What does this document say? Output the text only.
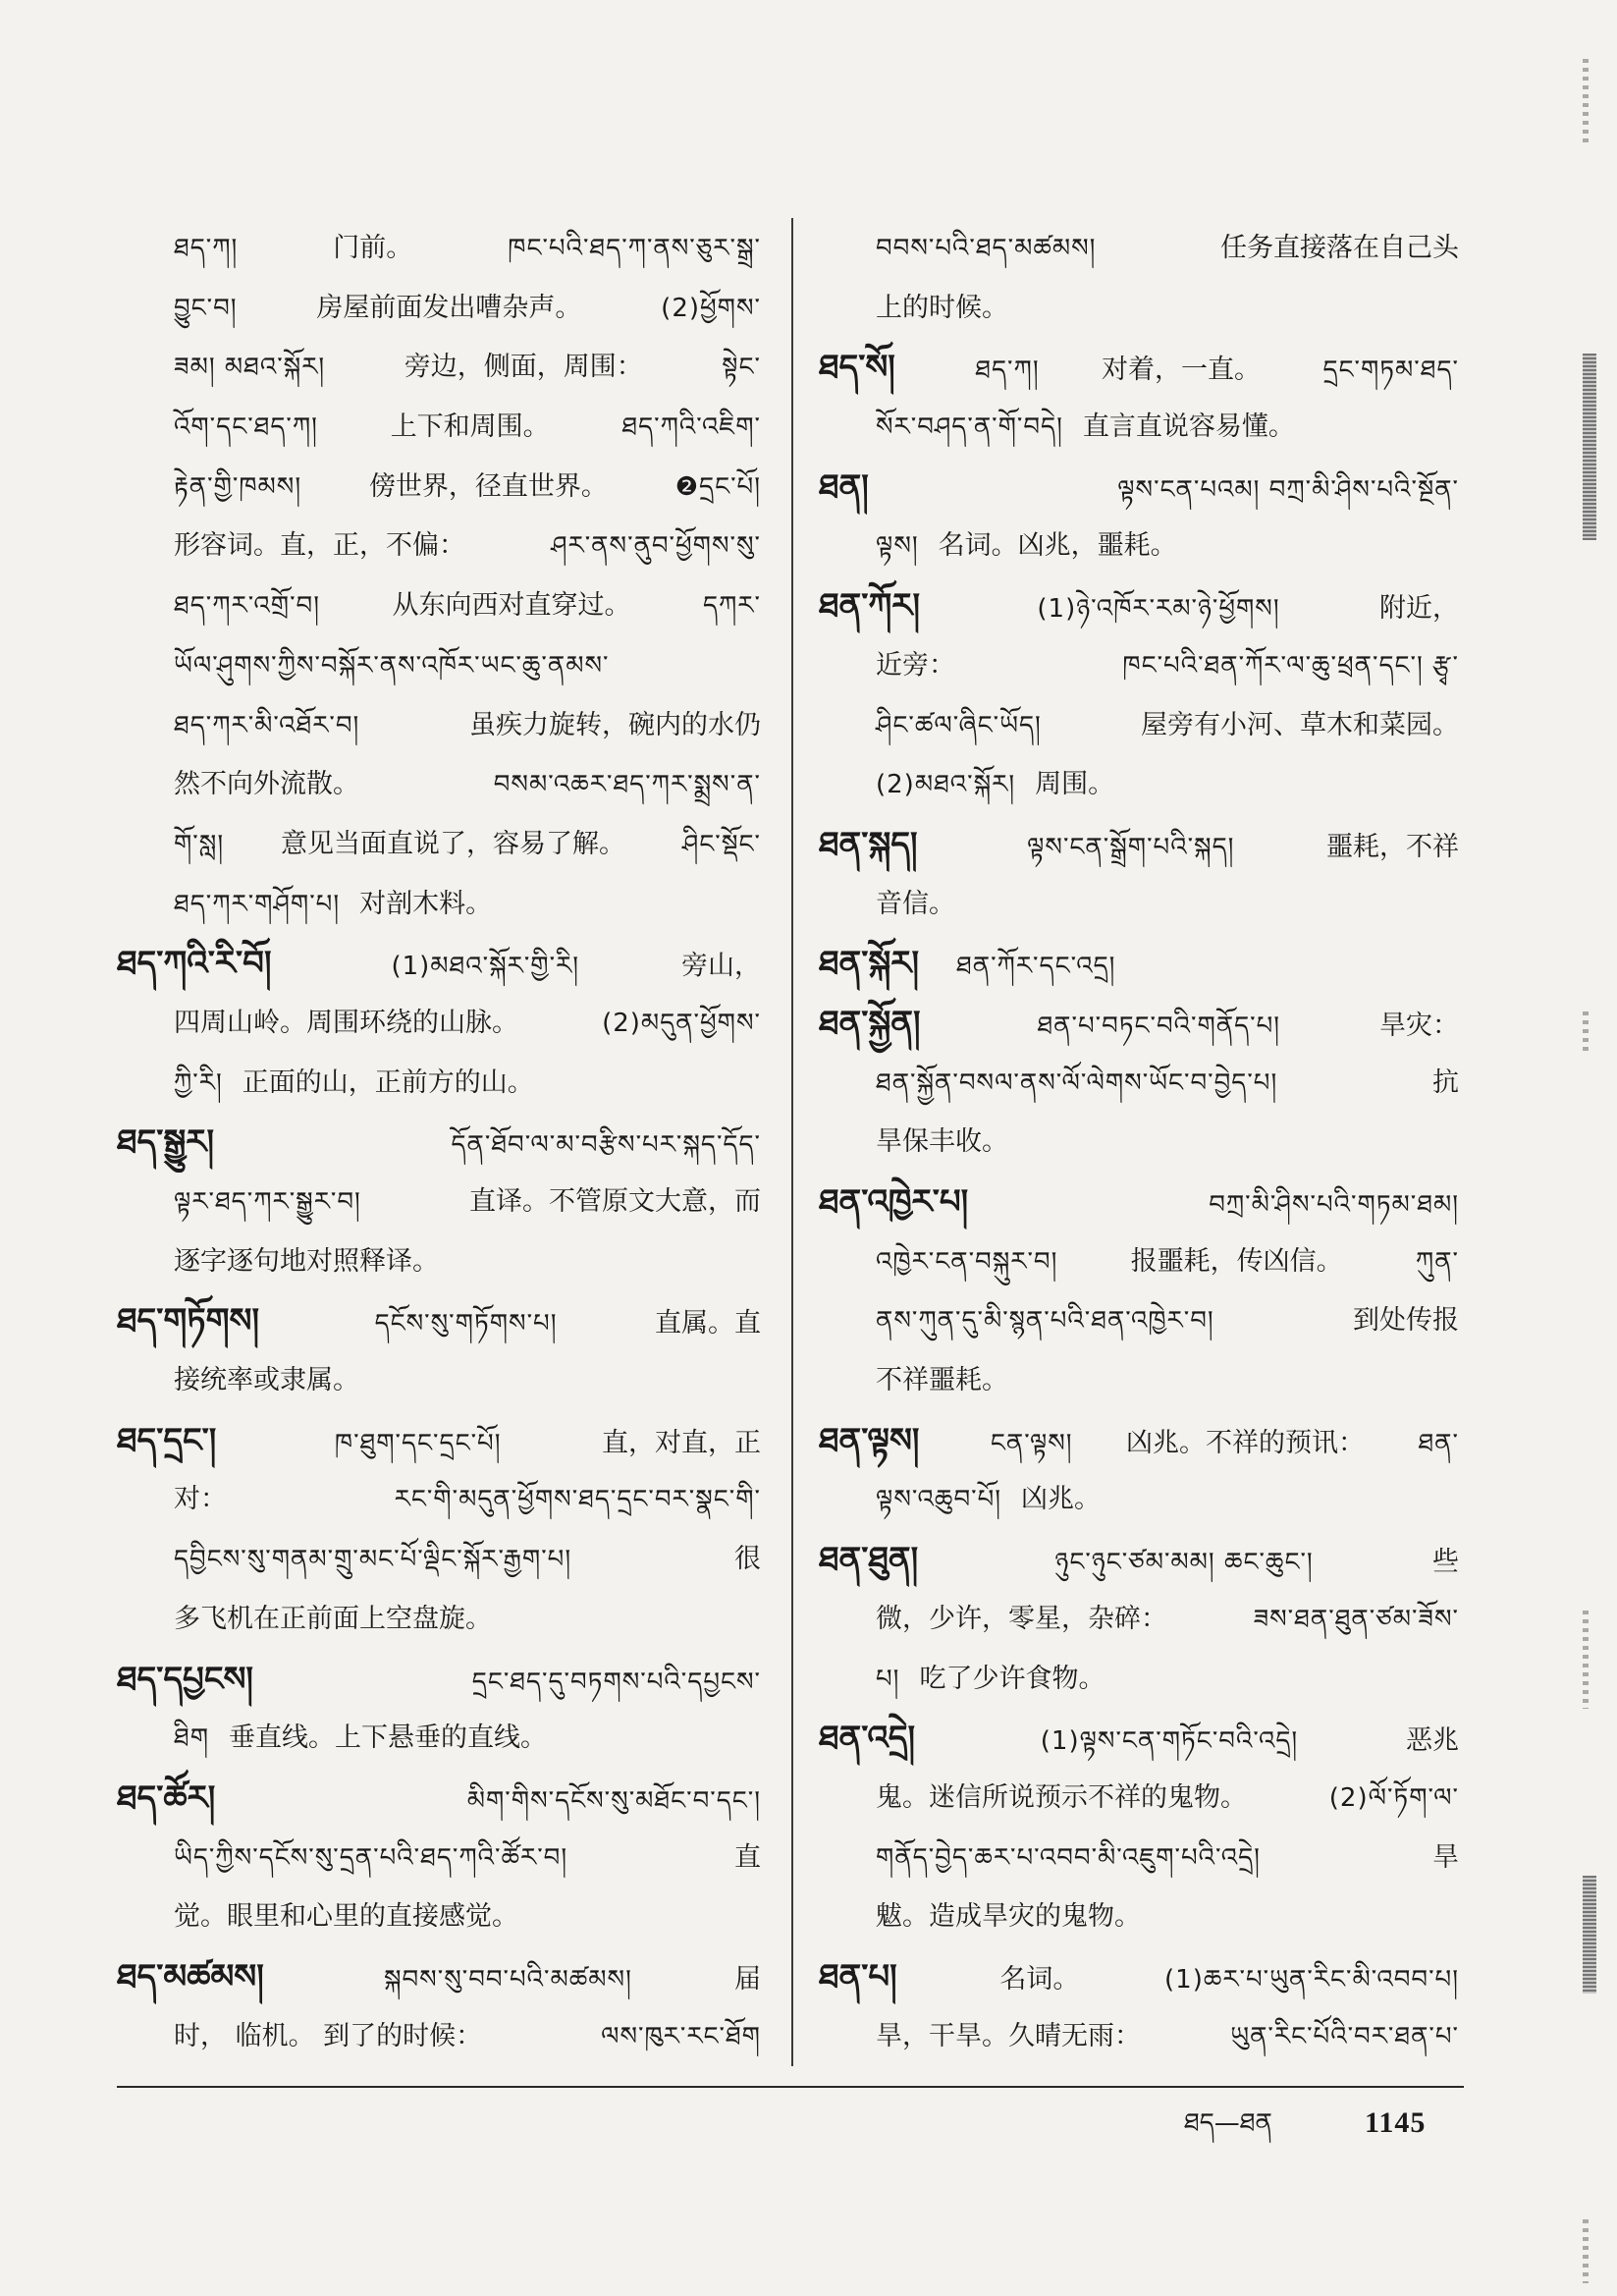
ཐད་ཀ།	门前。	ཁང་པའི་ཐད་ཀ་ནས་ཅུར་སྒྲ་
བྱུང་བ།	房屋前面发出嘈杂声。	(2)ཕྱོགས་
ཟམ། མཐའ་སྐོར།	旁边，侧面，周围：	སྟེང་
འོག་དང་ཐད་ཀ།	上下和周围。	ཐད་ཀའི་འཇིག་
རྟེན་གྱི་ཁམས།	傍世界，径直世界。	❷དྲང་པོ།
形容词。直，正，不偏：	ཤར་ནས་ནུབ་ཕྱོགས་སུ་
ཐད་ཀར་འགྲོ་བ།	从东向西对直穿过。	དཀར་
ཡོལ་ཤུགས་ཀྱིས་བསྐོར་ནས་འཁོར་ཡང་ཆུ་ནམས་
ཐད་ཀར་མི་འཐོར་བ།	虽疾力旋转，碗内的水仍
然不向外流散。	བསམ་འཆར་ཐད་ཀར་སྨྲས་ན་
གོ་སླ། 意见当面直说了，容易了解。 ཤིང་སྡོང་
ཐད་ཀར་གཤོག་པ། 对剖木料。
ཐད་ཀའི་རི་བོ།	(1)མཐའ་སྐོར་གྱི་རི།	旁山，
四周山岭。周围环绕的山脉。	(2)མདུན་ཕྱོགས་
ཀྱི་རི། 正面的山，正前方的山。
ཐད་སྒྱུར།	དོན་ཐོབ་ལ་མ་བརྩིས་པར་སྐད་དོད་
ལྟར་ཐད་ཀར་སྒྱུར་བ།	直译。不管原文大意，而
逐字逐句地对照释译。
ཐད་གཏོགས།	དངོས་སུ་གཏོགས་པ།	直属。直
接统率或隶属。
ཐད་དྲང་།	ཁ་ཐུག་དང་དྲང་པོ།	直，对直，正
对：	རང་གི་མདུན་ཕྱོགས་ཐད་དྲང་བར་སྣང་གི་
དབྱིངས་སུ་གནམ་གྲུ་མང་པོ་ལྡིང་སྐོར་རྒྱག་པ།	很
多飞机在正前面上空盘旋。
ཐད་དཔྱངས།	དྲང་ཐད་དུ་བཏགས་པའི་དཔྱངས་
ཐིག 垂直线。上下悬垂的直线。
ཐད་ཚོར།	མིག་གིས་དངོས་སུ་མཐོང་བ་དང་།
ཡིད་ཀྱིས་དངོས་སུ་དྲན་པའི་ཐད་ཀའི་ཚོར་བ།	直
觉。眼里和心里的直接感觉。
ཐད་མཚམས།	སྐབས་སུ་བབ་པའི་མཚམས།	届
时， 临机。 到了的时候：	ལས་ཁུར་རང་ཐོག
བབས་པའི་ཐད་མཚམས།	任务直接落在自己头
上的时候。
ཐད་སོ།	ཐད་ཀ། 对着，一直。 དྲང་གཏམ་ཐད་
སོར་བཤད་ན་གོ་བདེ། 直言直说容易懂。
ཐན།	ལྟས་ངན་པའམ། བཀྲ་མི་ཤིས་པའི་སྔོན་
ལྟས། 名词。凶兆，噩耗。
ཐན་ཀོར།	(1)ཉེ་འཁོར་རམ་ཉེ་ཕྱོགས།	附近，
近旁：	ཁང་པའི་ཐན་ཀོར་ལ་ཆུ་ཕྲན་དང་། རྩྭ་
ཤིང་ཚལ་ཞིང་ཡོད།	屋旁有小河、草木和菜园。
(2)མཐའ་སྐོར། 周围。
ཐན་སྐད།	ལྟས་ངན་སྒྲོག་པའི་སྐད།	噩耗，不祥
音信。
ཐན་སྐོར། ཐན་ཀོར་དང་འདྲ།
ཐན་སྐྱོན།	ཐན་པ་བཏང་བའི་གནོད་པ།	旱灾：
ཐན་སྐྱོན་བསལ་ནས་ལོ་ལེགས་ཡོང་བ་བྱེད་པ།	抗
旱保丰收。
ཐན་འཁྱེར་པ།	བཀྲ་མི་ཤིས་པའི་གཏམ་ཐམ།
འཁྱེར་ངན་བསྐུར་བ།	报噩耗，传凶信。	ཀུན་
ནས་ཀུན་དུ་མི་སྙན་པའི་ཐན་འཁྱེར་བ།	到处传报
不祥噩耗。
ཐན་ལྟས།	ངན་ལྟས། 凶兆。不祥的预讯： ཐན་
ལྟས་འཆུབ་པོ། 凶兆。
ཐན་ཐུན།	ཉུང་ཉུང་ཙམ་མམ། ཆང་ཆུང་།	些
微，少许，零星，杂碎：	ཟས་ཐན་ཐུན་ཙམ་ཟོས་
པ། 吃了少许食物。
ཐན་འདྲེ།	(1)ལྟས་ངན་གཏོང་བའི་འདྲེ།	恶兆
鬼。迷信所说预示不祥的鬼物。	(2)ལོ་ཏོག་ལ་
གནོད་བྱེད་ཆར་པ་འབབ་མི་འཇུག་པའི་འདྲེ།	旱
魃。造成旱灾的鬼物。
ཐན་པ།	名词。	(1)ཆར་པ་ཡུན་རིང་མི་འབབ་པ།
旱，干旱。久晴无雨：	ཡུན་རིང་པོའི་བར་ཐན་པ་
ཐད—ཐན	1145
